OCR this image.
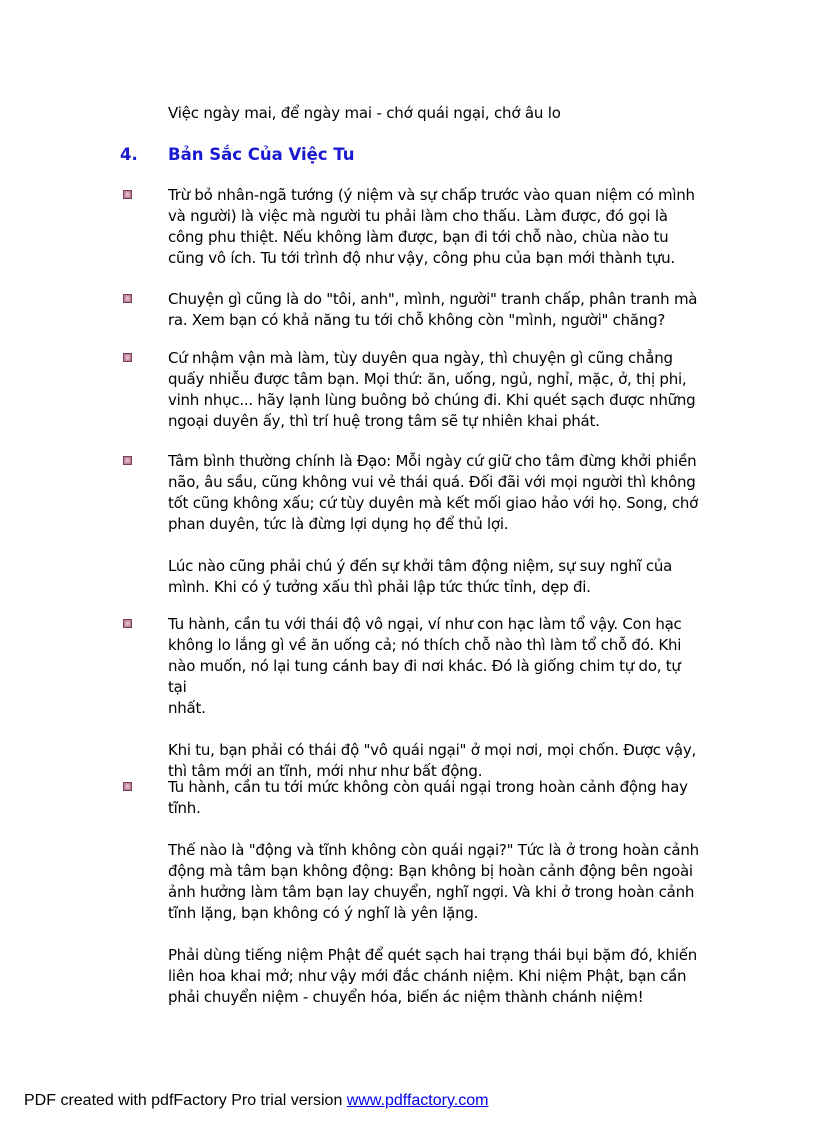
Việc ngày mai, để ngày mai - chớ quái ngại, chớ âu lo
4. Bản Sắc Của Việc Tu
Trừ bỏ nhân-ngã tướng (ý niệm và sự chấp trước vào quan niệm có mình
và người) là việc mà người tu phải làm cho thấu. Làm được, đó gọi là
công phu thiệt. Nếu không làm được, bạn đi tới chỗ nào, chùa nào tu
cũng vô ích. Tu tới trình độ như vậy, công phu của bạn mới thành tựu.
Chuyện gì cũng là do "tôi, anh", mình, người" tranh chấp, phân tranh mà
ra. Xem bạn có khả năng tu tới chỗ không còn "mình, người" chăng?
Cứ nhậm vận mà làm, tùy duyên qua ngày, thì chuyện gì cũng chẳng
quấy nhiễu được tâm bạn. Mọi thứ: ăn, uống, ngủ, nghỉ, mặc, ở, thị phi,
vinh nhục... hãy lạnh lùng buông bỏ chúng đi. Khi quét sạch được những
ngoại duyên ấy, thì trí huệ trong tâm sẽ tự nhiên khai phát.
Tâm bình thường chính là Đạo: Mỗi ngày cứ giữ cho tâm đừng khởi phiền
não, âu sầu, cũng không vui vẻ thái quá. Đối đãi với mọi người thì không
tốt cũng không xấu; cứ tùy duyên mà kết mối giao hảo với họ. Song, chớ
phan duyên, tức là đừng lợi dụng họ để thủ lợi.
Lúc nào cũng phải chú ý đến sự khởi tâm động niệm, sự suy nghĩ của
mình. Khi có ý tưởng xấu thì phải lập tức thức tỉnh, dẹp đi.
Tu hành, cần tu với thái độ vô ngại, ví như con hạc làm tổ vậy. Con hạc
không lo lắng gì về ăn uống cả; nó thích chỗ nào thì làm tổ chỗ đó. Khi
nào muốn, nó lại tung cánh bay đi nơi khác. Đó là giống chim tự do, tự tại
nhất.
Khi tu, bạn phải có thái độ "vô quái ngại" ở mọi nơi, mọi chốn. Được vậy,
thì tâm mới an tĩnh, mới như như bất động.
Tu hành, cần tu tới mức không còn quái ngại trong hoàn cảnh động hay
tĩnh.
Thế nào là "động và tĩnh không còn quái ngại?" Tức là ở trong hoàn cảnh
động mà tâm bạn không động: Bạn không bị hoàn cảnh động bên ngoài
ảnh hưởng làm tâm bạn lay chuyển, nghĩ ngợi. Và khi ở trong hoàn cảnh
tĩnh lặng, bạn không có ý nghĩ là yên lặng.
Phải dùng tiếng niệm Phật để quét sạch hai trạng thái bụi bặm đó, khiến
liên hoa khai mở; như vậy mới đắc chánh niệm. Khi niệm Phật, bạn cần
phải chuyển niệm - chuyển hóa, biến ác niệm thành chánh niệm!
PDF created with pdfFactory Pro trial version www.pdffactory.com
